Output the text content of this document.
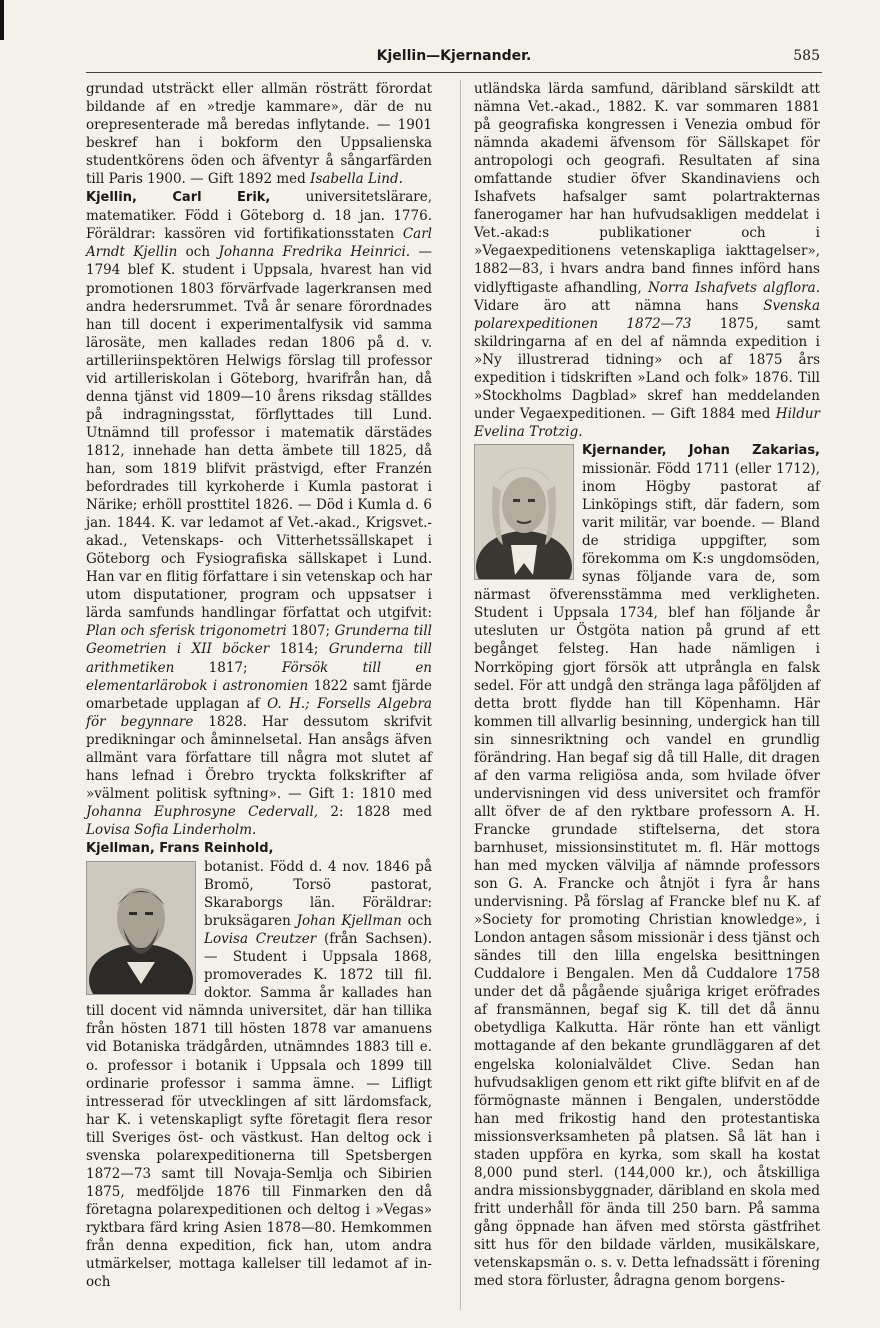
Kjellin—Kjernander.	585

grundad utsträckt eller allmän rösträtt förordat bildande af en »tredje kammare», där de nu orepresenterade må beredas inflytande. — 1901 beskref han i bokform den Uppsalienska studentkörens öden och äfventyr å sångarfärden till Paris 1900. — Gift 1892 med Isabella Lind.

Kjellin, Carl Erik, universitetslärare, matematiker. Född i Göteborg d. 18 jan. 1776. Föräldrar: kassören vid fortifikationsstaten Carl Arndt Kjellin och Johanna Fredrika Heinrici. — 1794 blef K. student i Uppsala, hvarest han vid promotionen 1803 förvärfvade lagerkransen med andra hedersrummet. Två år senare förordnades han till docent i experimentalfysik vid samma lärosäte, men kallades redan 1806 på d. v. artilleriinspektören Helwigs förslag till professor vid artilleriskolan i Göteborg, hvarifrån han, då denna tjänst vid 1809—10 årens riksdag ställdes på indragningsstat, förflyttades till Lund. Utnämnd till professor i matematik därstädes 1812, innehade han detta ämbete till 1825, då han, som 1819 blifvit prästvigd, efter Franzén befordrades till kyrkoherde i Kumla pastorat i Närike; erhöll prosttitel 1826. — Död i Kumla d. 6 jan. 1844. K. var ledamot af Vet.-akad., Krigsvet.-akad., Vetenskaps- och Vitterhetssällskapet i Göteborg och Fysiografiska sällskapet i Lund. Han var en flitig författare i sin vetenskap och har utom disputationer, program och uppsatser i lärda samfunds handlingar författat och utgifvit: Plan och sferisk trigonometri 1807; Grunderna till Geometrien i XII böcker 1814; Grunderna till arithmetiken 1817; Försök till en elementarlärobok i astronomien 1822 samt fjärde omarbetade upplagan af O. H.; Forsells Algebra för begynnare 1828. Har dessutom skrifvit predikningar och åminnelsetal. Han ansågs äfven allmänt vara författare till några mot slutet af hans lefnad i Örebro tryckta folkskrifter af »välment politisk syftning». — Gift 1: 1810 med Johanna Euphrosyne Cedervall, 2: 1828 med Lovisa Sofia Linderholm.

Kjellman, Frans Reinhold,

botanist. Född d. 4 nov. 1846 på Bromö, Torsö pastorat, Skaraborgs län. Föräldrar: bruksägaren Johan Kjellman och Lovisa Creutzer (från Sachsen). — Student i Uppsala 1868, promoverades K. 1872 till fil. doktor. Samma år kallades han till docent vid nämnda universitet, där han tillika från hösten 1871 till hösten 1878 var amanuens vid Botaniska trädgården, utnämndes 1883 till e. o. professor i botanik i Uppsala och 1899 till ordinarie professor i samma ämne. — Lifligt intresserad för utvecklingen af sitt lärdomsfack, har K. i vetenskapligt syfte företagit flera resor till Sveriges öst- och västkust. Han deltog ock i svenska polarexpeditionerna till Spetsbergen 1872—73 samt till Novaja-Semlja och Sibirien 1875, medföljde 1876 till Finmarken den då företagna polarexpeditionen och deltog i »Vegas» ryktbara färd kring Asien 1878—80. Hemkommen från denna expedition, fick han, utom andra utmärkelser, mottaga kallelser till ledamot af in- och

utländska lärda samfund, däribland särskildt att nämna Vet.-akad., 1882. K. var sommaren 1881 på geografiska kongressen i Venezia ombud för nämnda akademi äfvensom för Sällskapet för antropologi och geografi. Resultaten af sina omfattande studier öfver Skandinaviens och Ishafvets hafsalger samt polartrakternas fanerogamer har han hufvudsakligen meddelat i Vet.-akad:s publikationer och i »Vegaexpeditionens vetenskapliga iakttagelser», 1882—83, i hvars andra band finnes införd hans vidlyftigaste afhandling, Norra Ishafvets algflora. Vidare äro att nämna hans Svenska polarexpeditionen 1872—73 1875, samt skildringarna af en del af nämnda expedition i »Ny illustrerad tidning» och af 1875 års expedition i tidskriften »Land och folk» 1876. Till »Stockholms Dagblad» skref han meddelanden under Vegaexpeditionen. — Gift 1884 med Hildur Evelina Trotzig.

Kjernander, Johan Zakarias,
missionär. Född 1711 (eller 1712), inom Högby pastorat af Linköpings stift, där fadern, som varit militär, var boende. — Bland de stridiga uppgifter, som förekomma om K:s ungdomsöden, synas följande vara de, som närmast öfverensstämma med verkligheten. Student i Uppsala 1734, blef han följande år utesluten ur Östgöta nation på grund af ett begånget felsteg. Han hade nämligen i Norrköping gjort försök att utprångla en falsk sedel. För att undgå den stränga laga påföljden af detta brott flydde han till Köpenhamn. Här kommen till allvarlig besinning, undergick han till sin sinnesriktning och vandel en grundlig förändring. Han begaf sig då till Halle, dit dragen af den varma religiösa anda, som hvilade öfver undervisningen vid dess universitet och framför allt öfver de af den ryktbare professorn A. H. Francke grundade stiftelserna, det stora barnhuset, missionsinstitutet m. fl. Här mottogs han med mycken välvilja af nämnde professors son G. A. Francke och åtnjöt i fyra år hans undervisning. På förslag af Francke blef nu K. af »Society for promoting Christian knowledge», i London antagen såsom missionär i dess tjänst och sändes till den lilla engelska besittningen Cuddalore i Bengalen. Men då Cuddalore 1758 under det då pågående sjuåriga kriget eröfrades af fransmännen, begaf sig K. till det då ännu obetydliga Kalkutta. Här rönte han ett vänligt mottagande af den bekante grundläggaren af det engelska kolonialväldet Clive. Sedan han hufvudsakligen genom ett rikt gifte blifvit en af de förmögnaste männen i Bengalen, understödde han med frikostig hand den protestantiska missionsverksamheten på platsen. Så lät han i staden uppföra en kyrka, som skall ha kostat 8,000 pund sterl. (144,000 kr.), och åtskilliga andra missionsbyggnader, däribland en skola med fritt underhåll för ända till 250 barn. På samma gång öppnade han äfven med största gästfrihet sitt hus för den bildade världen, musikälskare, vetenskapsmän o. s. v. Detta lefnadssätt i förening med stora förluster, ådragna genom borgens-
